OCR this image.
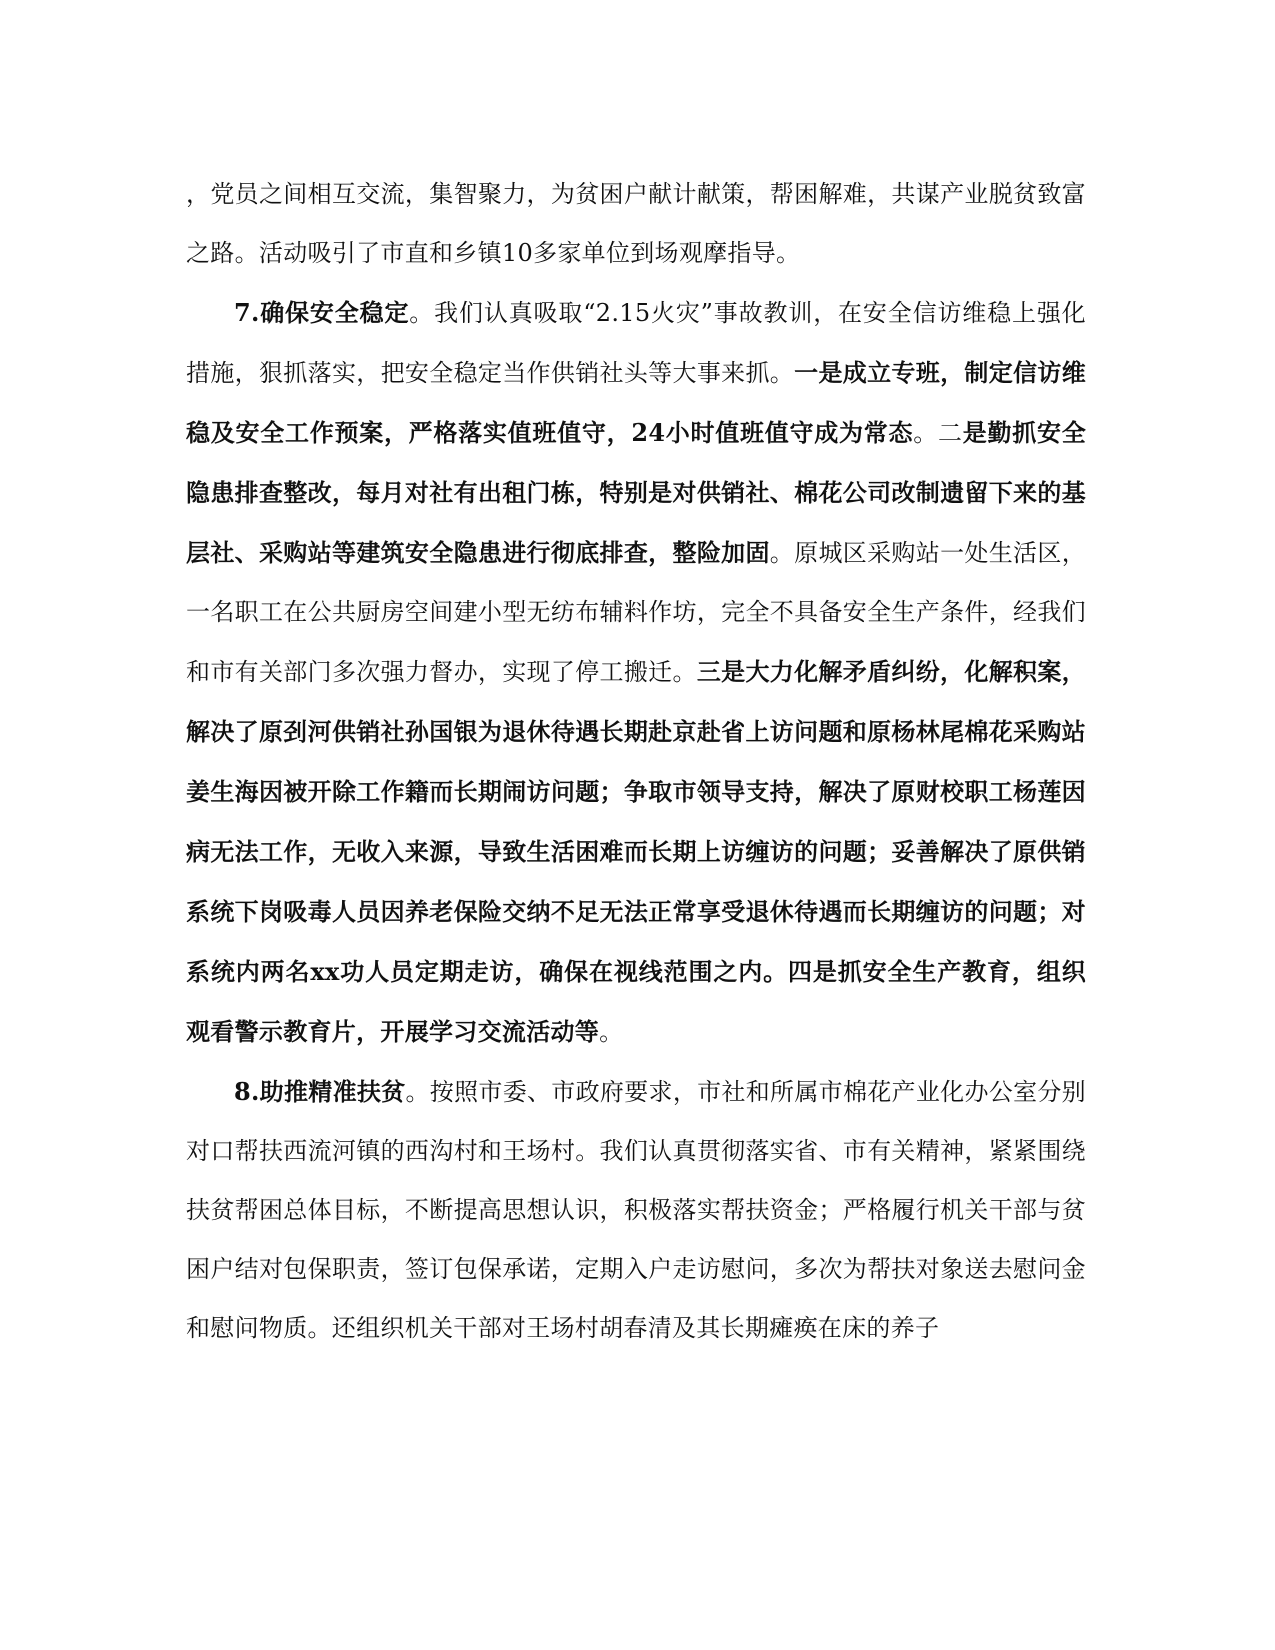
，党员之间相互交流，集智聚力，为贫困户献计献策，帮困解难，共谋产业脱贫致富之路。活动吸引了市直和乡镇10多家单位到场观摩指导。

7.确保安全稳定。我们认真吸取“2.15火灾”事故教训，在安全信访维稳上强化措施，狠抓落实，把安全稳定当作供销社头等大事来抓。一是成立专班，制定信访维稳及安全工作预案，严格落实值班值守，24小时值班值守成为常态。二是勤抓安全隐患排查整改，每月对社有出租门栋，特别是对供销社、棉花公司改制遗留下来的基层社、采购站等建筑安全隐患进行彻底排查，整险加固。原城区采购站一处生活区，一名职工在公共厨房空间建小型无纺布辅料作坊，完全不具备安全生产条件，经我们和市有关部门多次强力督办，实现了停工搬迁。三是大力化解矛盾纠纷，化解积案，解决了原刭河供销社孙国银为退休待遇长期赴京赴省上访问题和原杨林尾棉花采购站姜生海因被开除工作籍而长期闹访问题；争取市领导支持，解决了原财校职工杨莲因病无法工作，无收入来源，导致生活困难而长期上访缠访的问题；妥善解决了原供销系统下岗吸毒人员因养老保险交纳不足无法正常享受退休待遇而长期缠访的问题；对系统内两名xx功人员定期走访，确保在视线范围之内。四是抓安全生产教育，组织观看警示教育片，开展学习交流活动等。

8.助推精准扶贫。按照市委、市政府要求，市社和所属市棉花产业化办公室分别对口帮扶西流河镇的西沟村和王场村。我们认真贯彻落实省、市有关精神，紧紧围绕扶贫帮困总体目标，不断提高思想认识，积极落实帮扶资金；严格履行机关干部与贫困户结对包保职责，签订包保承诺，定期入户走访慰问，多次为帮扶对象送去慰问金和慰问物质。还组织机关干部对王场村胡春清及其长期瘫痪在床的养子
